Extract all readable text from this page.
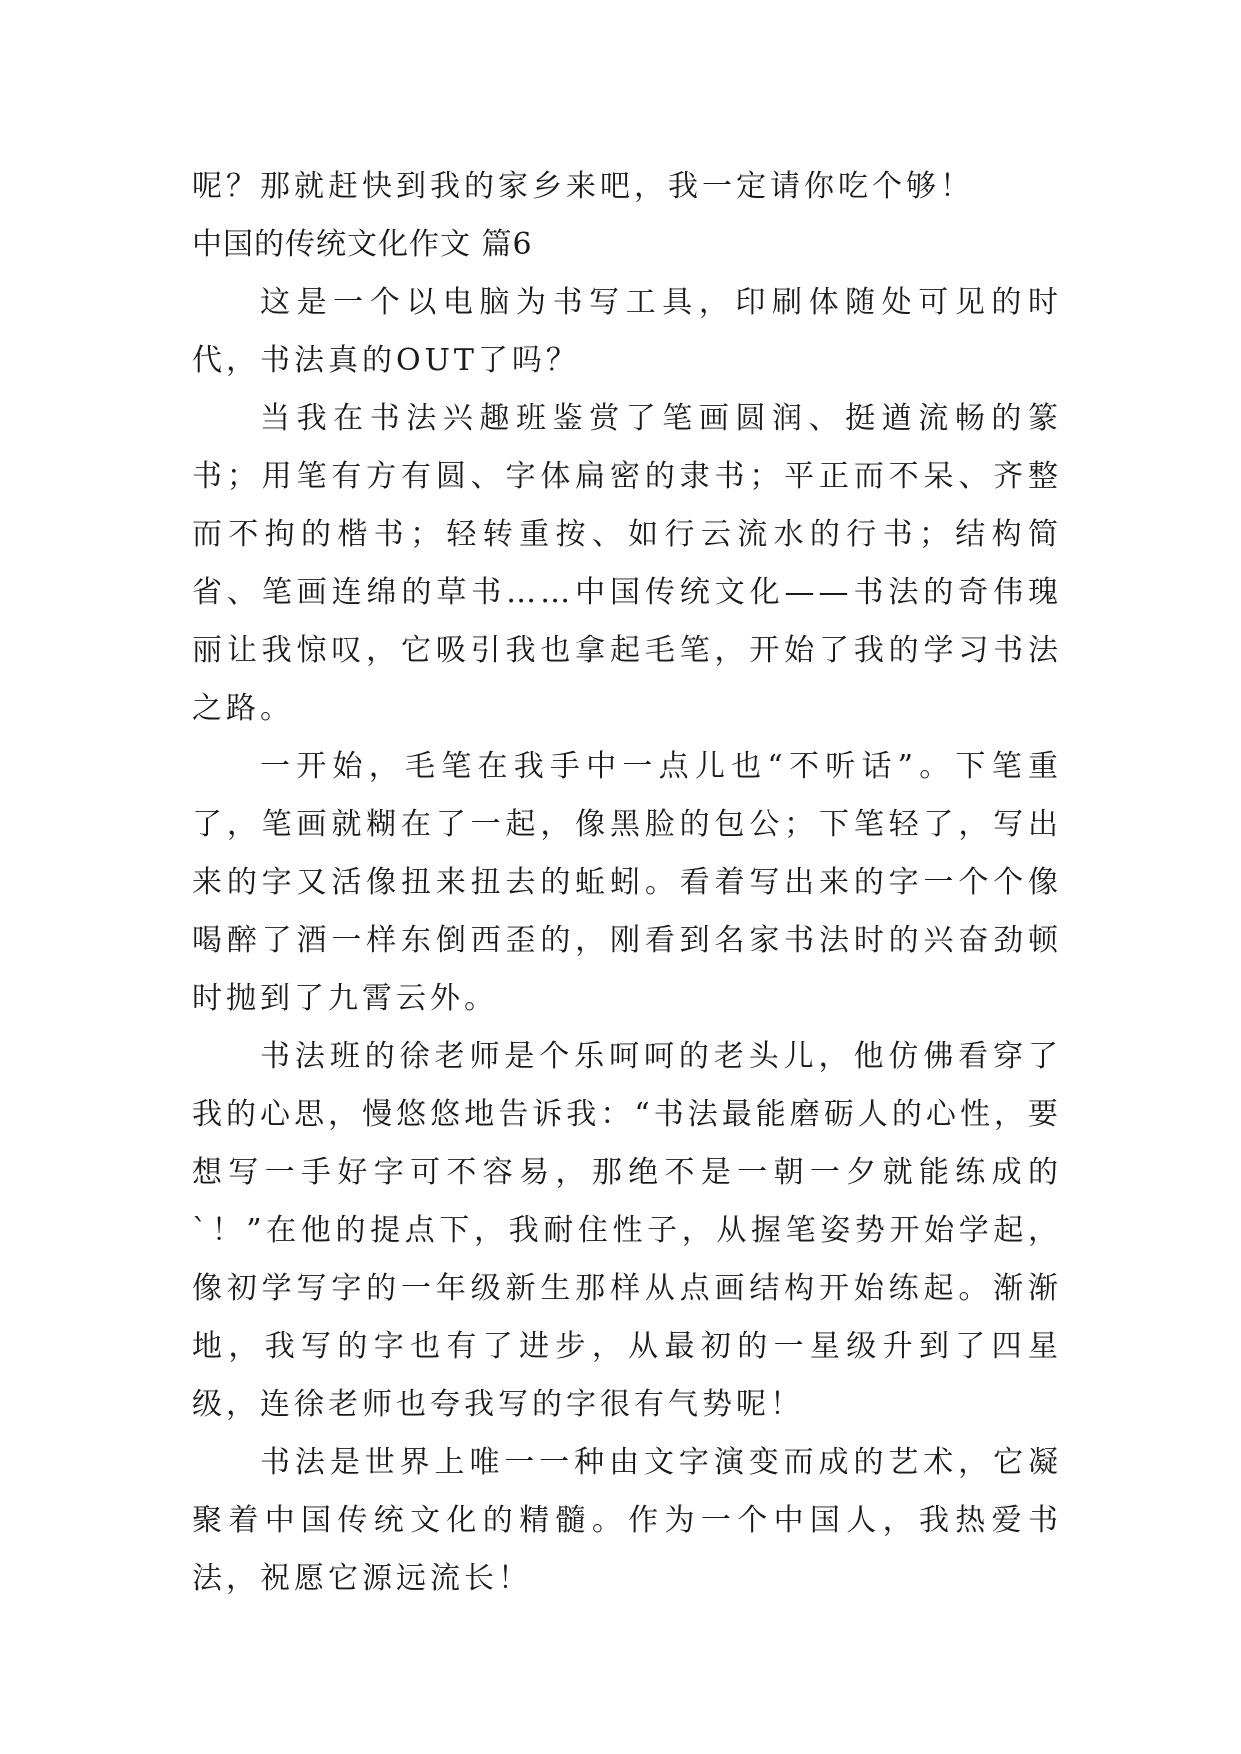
呢？那就赶快到我的家乡来吧，我一定请你吃个够！

中国的传统文化作文 篇6

这是一个以电脑为书写工具，印刷体随处可见的时代，书法真的OUT了吗？

当我在书法兴趣班鉴赏了笔画圆润、挺遒流畅的篆书；用笔有方有圆、字体扁密的隶书；平正而不呆、齐整而不拘的楷书；轻转重按、如行云流水的行书；结构简省、笔画连绵的草书……中国传统文化——书法的奇伟瑰丽让我惊叹，它吸引我也拿起毛笔，开始了我的学习书法之路。

一开始，毛笔在我手中一点儿也“不听话”。下笔重了，笔画就糊在了一起，像黑脸的包公；下笔轻了，写出来的字又活像扭来扭去的蚯蚓。看着写出来的字一个个像喝醉了酒一样东倒西歪的，刚看到名家书法时的兴奋劲顿时抛到了九霄云外。

书法班的徐老师是个乐呵呵的老头儿，他仿佛看穿了我的心思，慢悠悠地告诉我：“书法最能磨砺人的心性，要想写一手好字可不容易，那绝不是一朝一夕就能练成的`！”在他的提点下，我耐住性子，从握笔姿势开始学起，像初学写字的一年级新生那样从点画结构开始练起。渐渐地，我写的字也有了进步，从最初的一星级升到了四星级，连徐老师也夸我写的字很有气势呢！

书法是世界上唯一一种由文字演变而成的艺术，它凝聚着中国传统文化的精髓。作为一个中国人，我热爱书法，祝愿它源远流长！
